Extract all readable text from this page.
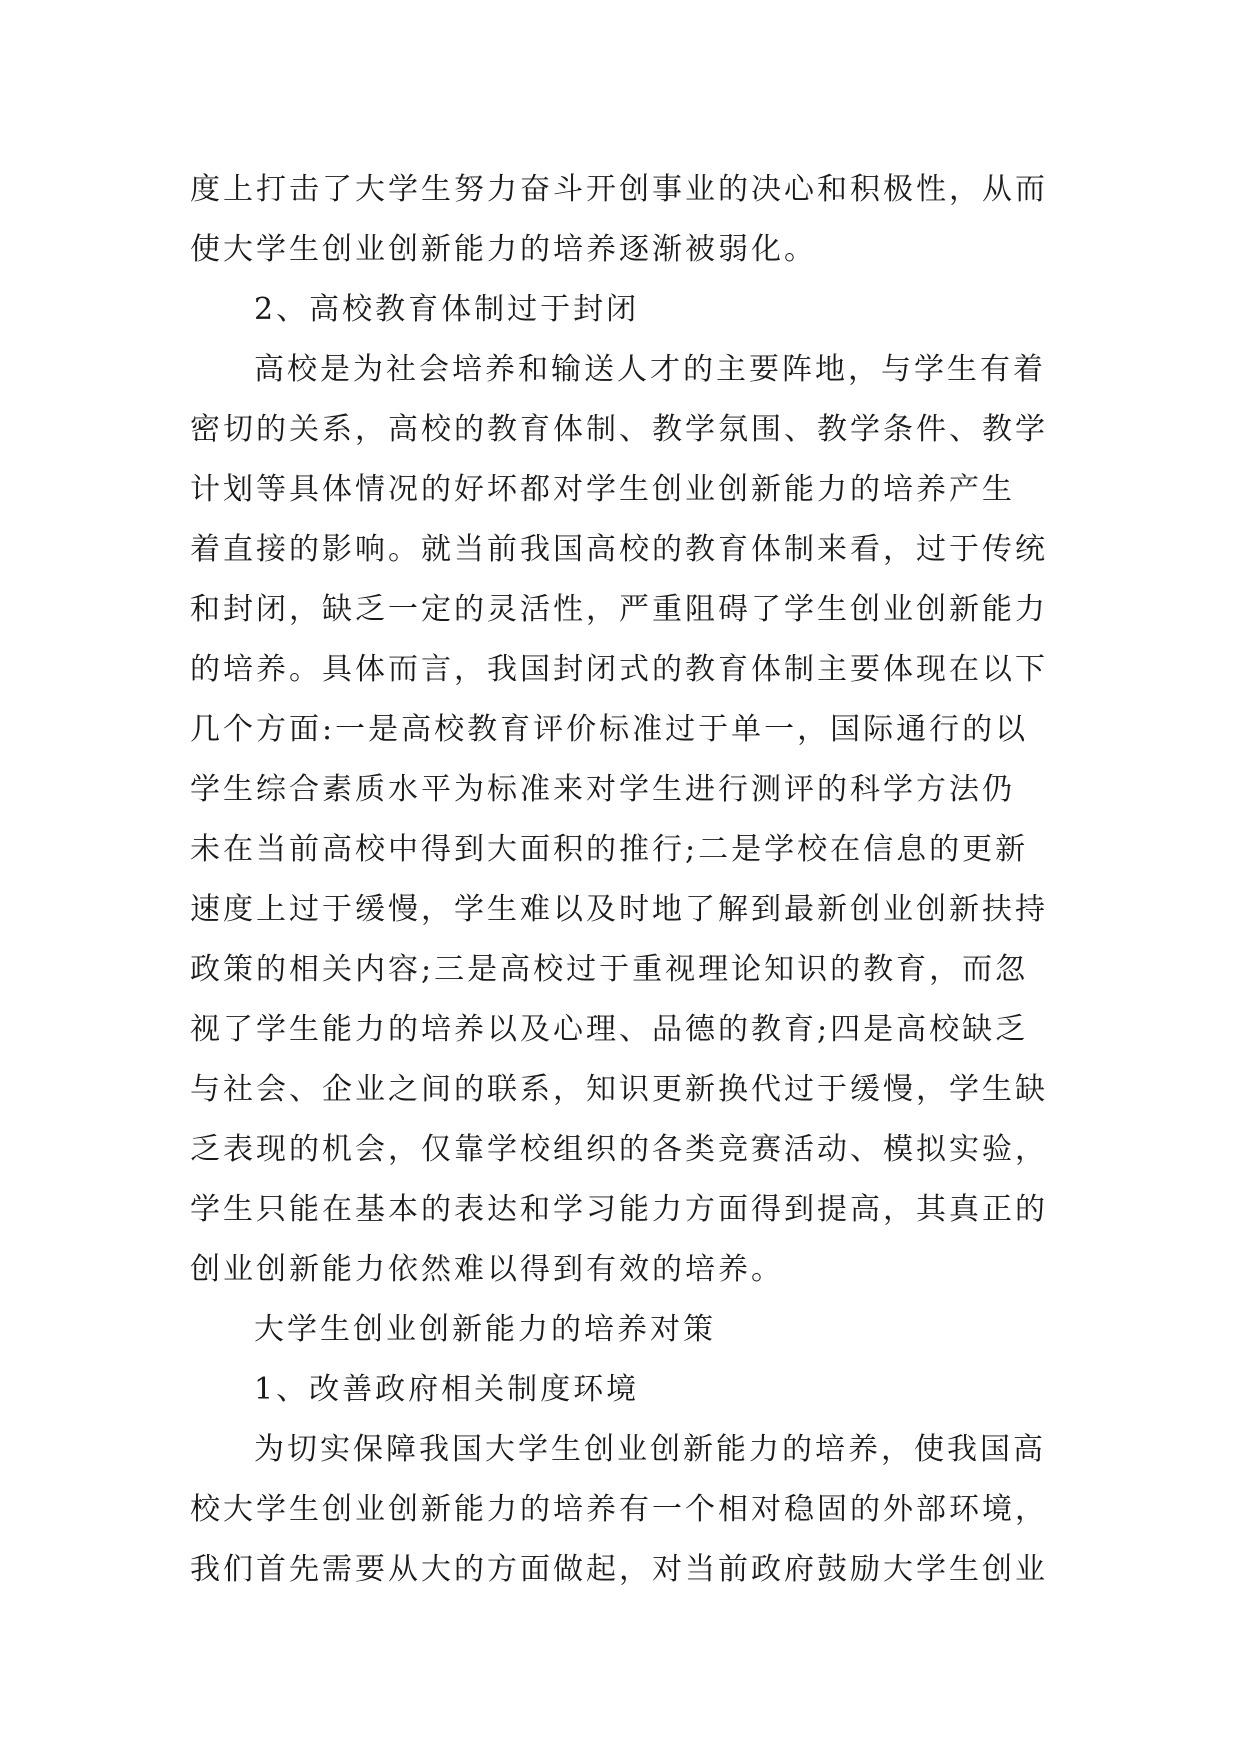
度上打击了大学生努力奋斗开创事业的决心和积极性，从而
使大学生创业创新能力的培养逐渐被弱化。
2、高校教育体制过于封闭
高校是为社会培养和输送人才的主要阵地，与学生有着
密切的关系，高校的教育体制、教学氛围、教学条件、教学
计划等具体情况的好坏都对学生创业创新能力的培养产生
着直接的影响。就当前我国高校的教育体制来看，过于传统
和封闭，缺乏一定的灵活性，严重阻碍了学生创业创新能力
的培养。具体而言，我国封闭式的教育体制主要体现在以下
几个方面:一是高校教育评价标准过于单一，国际通行的以
学生综合素质水平为标准来对学生进行测评的科学方法仍
未在当前高校中得到大面积的推行;二是学校在信息的更新
速度上过于缓慢，学生难以及时地了解到最新创业创新扶持
政策的相关内容;三是高校过于重视理论知识的教育，而忽
视了学生能力的培养以及心理、品德的教育;四是高校缺乏
与社会、企业之间的联系，知识更新换代过于缓慢，学生缺
乏表现的机会，仅靠学校组织的各类竞赛活动、模拟实验，
学生只能在基本的表达和学习能力方面得到提高，其真正的
创业创新能力依然难以得到有效的培养。
大学生创业创新能力的培养对策
1、改善政府相关制度环境
为切实保障我国大学生创业创新能力的培养，使我国高
校大学生创业创新能力的培养有一个相对稳固的外部环境，
我们首先需要从大的方面做起，对当前政府鼓励大学生创业
